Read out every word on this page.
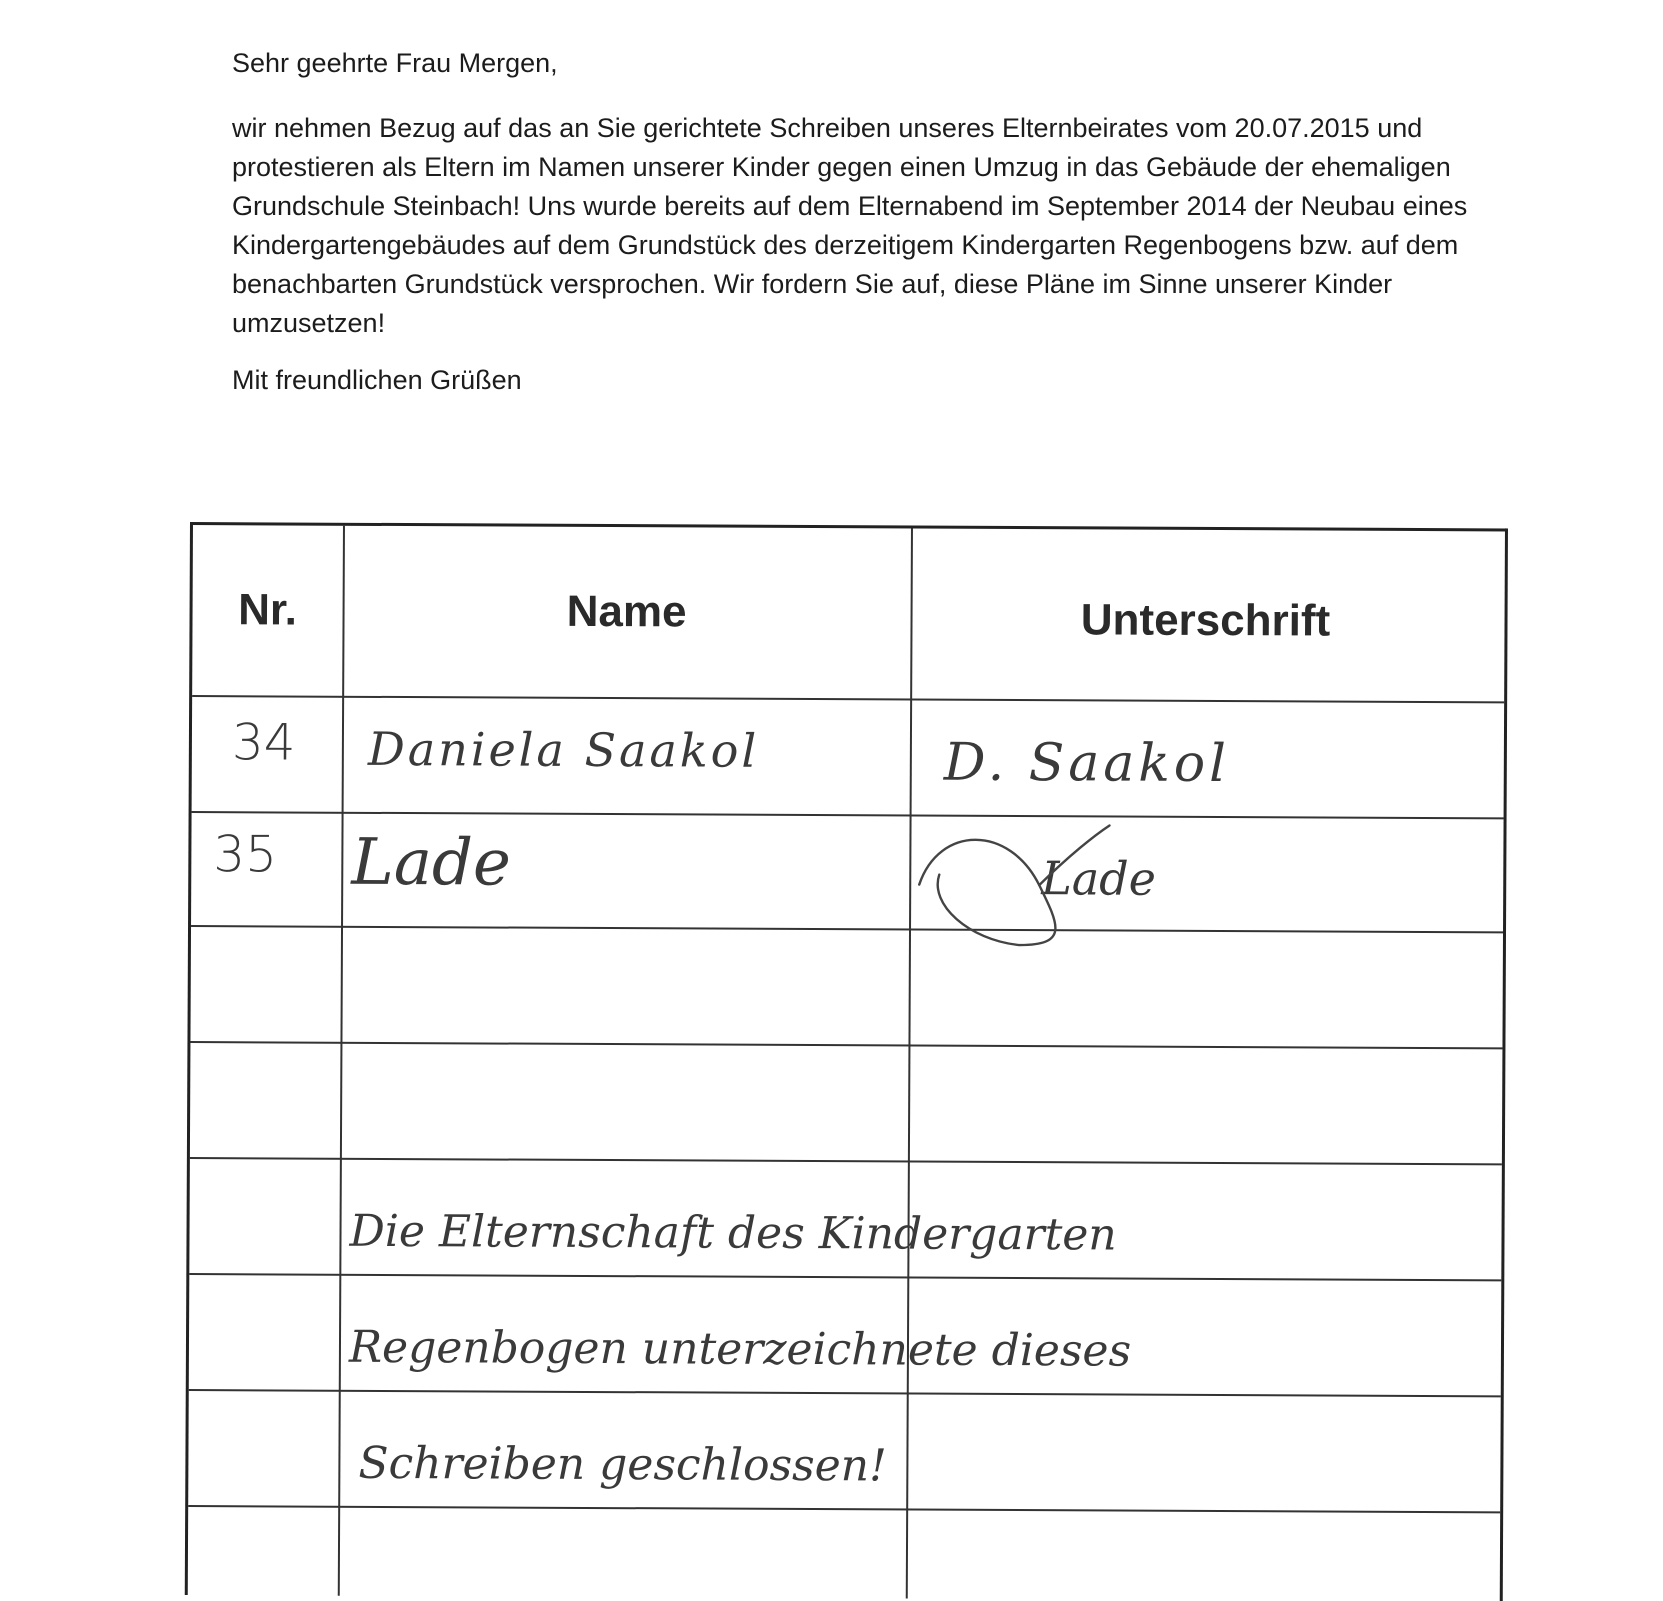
Sehr geehrte Frau Mergen,

wir nehmen Bezug auf das an Sie gerichtete Schreiben unseres Elternbeirates vom 20.07.2015 und protestieren als Eltern im Namen unserer Kinder gegen einen Umzug in das Gebäude der ehemaligen Grundschule Steinbach! Uns wurde bereits auf dem Elternabend im September 2014 der Neubau eines Kindergartengebäudes auf dem Grundstück des derzeitigem Kindergarten Regenbogens bzw. auf dem benachbarten Grundstück versprochen. Wir fordern Sie auf, diese Pläne im Sinne unserer Kinder umzusetzen!

Mit freundlichen Grüßen

Nr.	Name	Unterschrift
34 Daniela Saakol	D. Saakol
35 Lade	Lade
Die Elternschaft des Kindergarten
Regenbogen unterzeichnete dieses
Schreiben geschlossen!
